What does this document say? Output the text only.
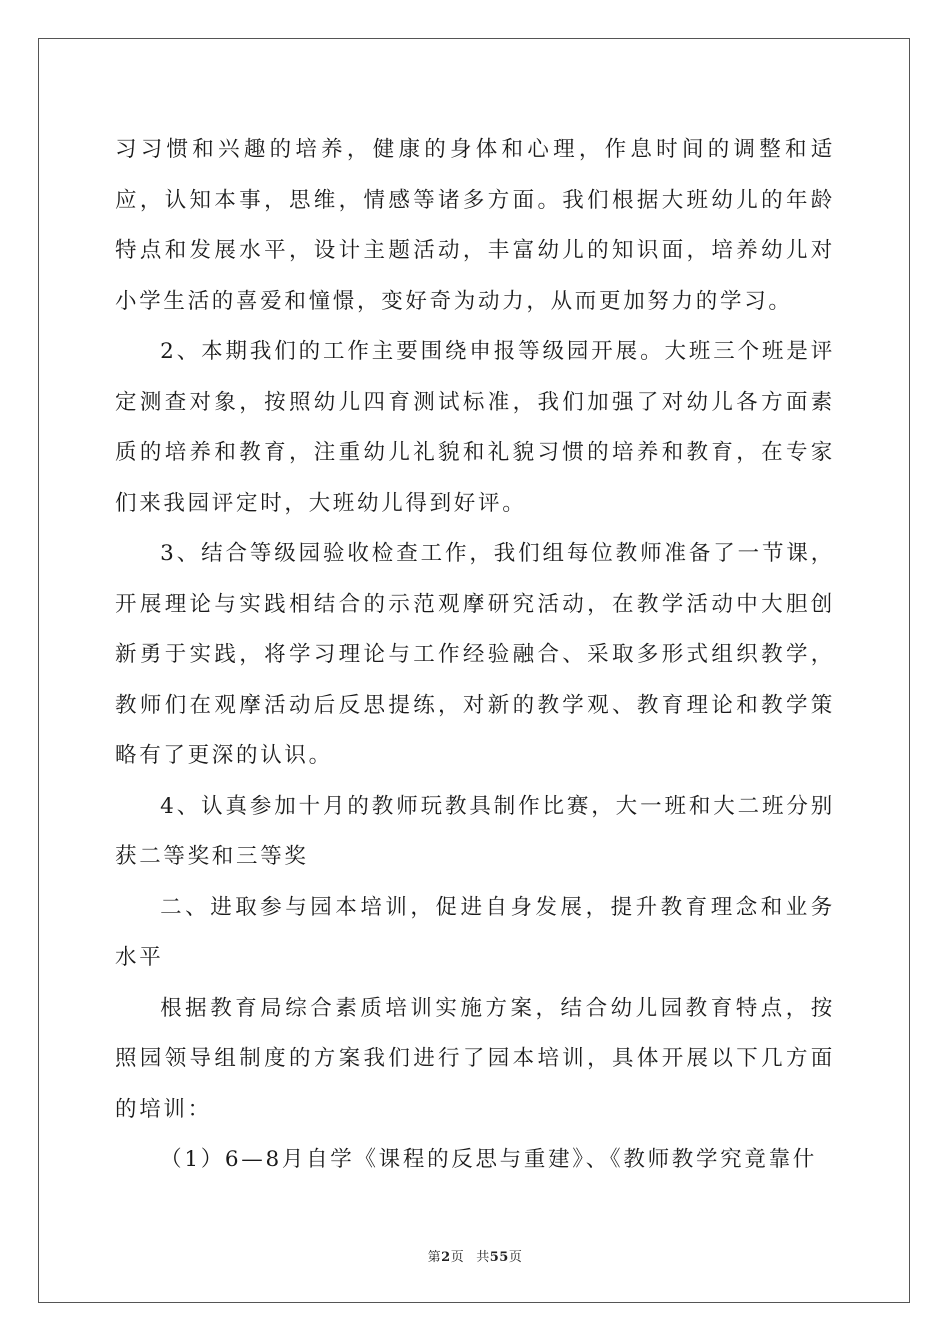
习习惯和兴趣的培养，健康的身体和心理，作息时间的调整和适应，认知本事，思维，情感等诸多方面。我们根据大班幼儿的年龄特点和发展水平，设计主题活动，丰富幼儿的知识面，培养幼儿对小学生活的喜爱和憧憬，变好奇为动力，从而更加努力的学习。

2、本期我们的工作主要围绕申报等级园开展。大班三个班是评定测查对象，按照幼儿四育测试标准，我们加强了对幼儿各方面素质的培养和教育，注重幼儿礼貌和礼貌习惯的培养和教育，在专家们来我园评定时，大班幼儿得到好评。

3、结合等级园验收检查工作，我们组每位教师准备了一节课，开展理论与实践相结合的示范观摩研究活动，在教学活动中大胆创新勇于实践，将学习理论与工作经验融合、采取多形式组织教学，教师们在观摩活动后反思提练，对新的教学观、教育理论和教学策略有了更深的认识。

4、认真参加十月的教师玩教具制作比赛，大一班和大二班分别获二等奖和三等奖

二、进取参与园本培训，促进自身发展，提升教育理念和业务水平

根据教育局综合素质培训实施方案，结合幼儿园教育特点，按照园领导组制度的方案我们进行了园本培训，具体开展以下几方面的培训：

（1）6—8月自学《课程的反思与重建》、《教师教学究竟靠什

第2页 共55页
